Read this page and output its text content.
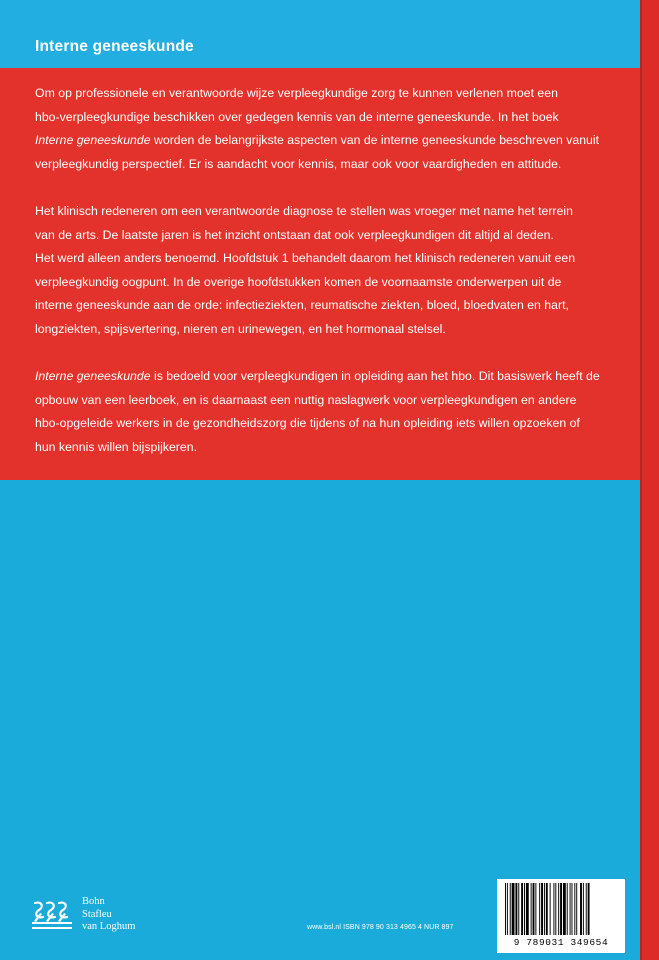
Interne geneeskunde

Om op professionele en verantwoorde wijze verpleegkundige zorg te kunnen verlenen moet een
hbo-verpleegkundige beschikken over gedegen kennis van de interne geneeskunde. In het boek
Interne geneeskunde worden de belangrijkste aspecten van de interne geneeskunde beschreven vanuit
verpleegkundig perspectief. Er is aandacht voor kennis, maar ook voor vaardigheden en attitude.

Het klinisch redeneren om een verantwoorde diagnose te stellen was vroeger met name het terrein
van de arts. De laatste jaren is het inzicht ontstaan dat ook verpleegkundigen dit altijd al deden.
Het werd alleen anders benoemd. Hoofdstuk 1 behandelt daarom het klinisch redeneren vanuit een
verpleegkundig oogpunt. In de overige hoofdstukken komen de voornaamste onderwerpen uit de
interne geneeskunde aan de orde: infectieziekten, reumatische ziekten, bloed, bloedvaten en hart,
longziekten, spijsvertering, nieren en urinewegen, en het hormonaal stelsel.

Interne geneeskunde is bedoeld voor verpleegkundigen in opleiding aan het hbo. Dit basiswerk heeft de
opbouw van een leerboek, en is daarnaast een nuttig naslagwerk voor verpleegkundigen en andere
hbo-opgeleide werkers in de gezondheidszorg die tijdens of na hun opleiding iets willen opzoeken of
hun kennis willen bijspijkeren.

Bohn
Stafleu
van Loghum	www.bsl.nl ISBN 978 90 313 4965 4 NUR 897
9 789031 349654
